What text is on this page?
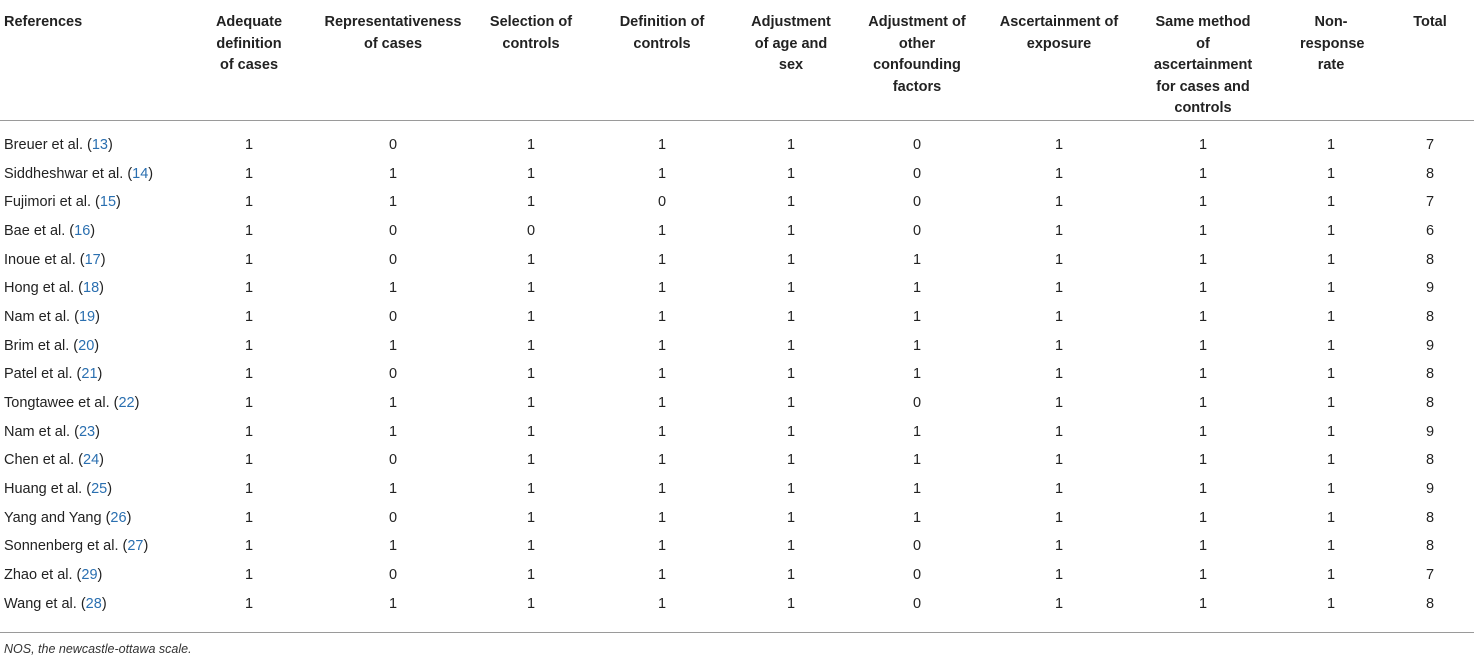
References	Adequate definition of cases	Representativeness of cases	Selection of controls	Definition of controls	Adjustment of age and sex	Adjustment of other confounding factors	Ascertainment of exposure	Same method of ascertainment for cases and controls	Non-response rate	Total
Breuer et al. (13)	1	0	1	1	1	0	1	1	1	7
Siddheshwar et al. (14)	1	1	1	1	1	0	1	1	1	8
Fujimori et al. (15)	1	1	1	0	1	0	1	1	1	7
Bae et al. (16)	1	0	0	1	1	0	1	1	1	6
Inoue et al. (17)	1	0	1	1	1	1	1	1	1	8
Hong et al. (18)	1	1	1	1	1	1	1	1	1	9
Nam et al. (19)	1	0	1	1	1	1	1	1	1	8
Brim et al. (20)	1	1	1	1	1	1	1	1	1	9
Patel et al. (21)	1	0	1	1	1	1	1	1	1	8
Tongtawee et al. (22)	1	1	1	1	1	0	1	1	1	8
Nam et al. (23)	1	1	1	1	1	1	1	1	1	9
Chen et al. (24)	1	0	1	1	1	1	1	1	1	8
Huang et al. (25)	1	1	1	1	1	1	1	1	1	9
Yang and Yang (26)	1	0	1	1	1	1	1	1	1	8
Sonnenberg et al. (27)	1	1	1	1	1	0	1	1	1	8
Zhao et al. (29)	1	0	1	1	1	0	1	1	1	7
Wang et al. (28)	1	1	1	1	1	0	1	1	1	8
NOS, the newcastle-ottawa scale.
